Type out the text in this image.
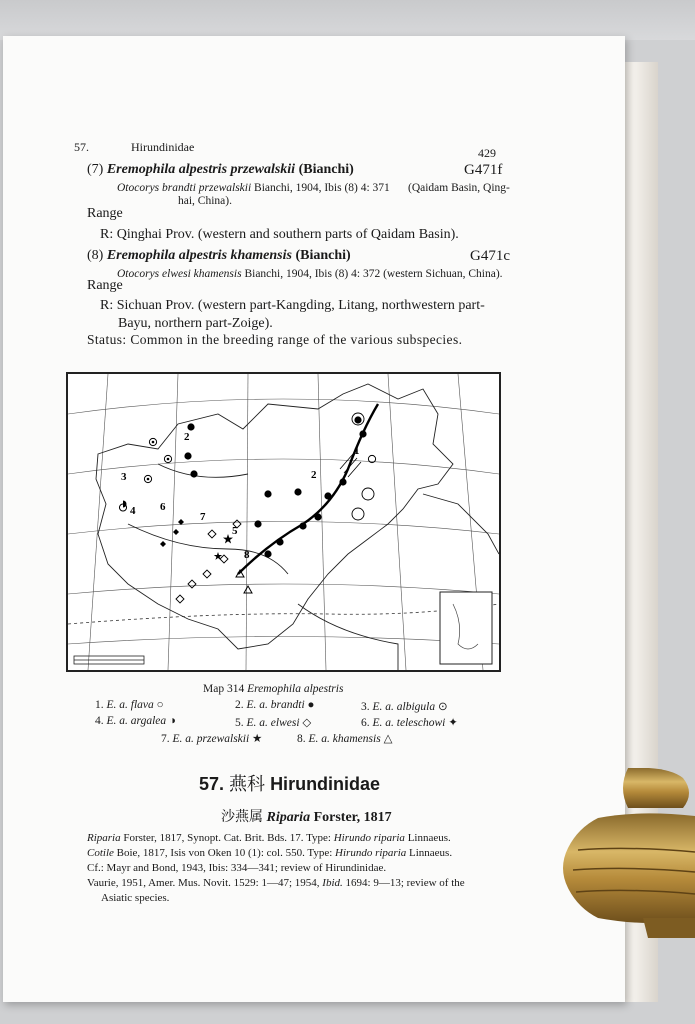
57.	Hirundinidae	429
(7) Eremophila alpestris przewalskii (Bianchi)	G471f
Otocorys brandti przewalskii Bianchi, 1904, Ibis (8) 4: 371 (Qaidam Basin, Qing-
hai, China).
Range
R: Qinghai Prov. (western and southern parts of Qaidam Basin).
(8) Eremophila alpestris khamensis (Bianchi)	G471c
Otocorys elwesi khamensis Bianchi, 1904, Ibis (8) 4: 372 (western Sichuan, China).
Range
R: Sichuan Prov. (western part-Kangding, Litang, northwestern part-
Bayu, northern part-Zoige).
Status: Common in the breeding range of the various subspecies.
2
3
4 6
7
5
8
2
1
Map 314 Eremophila alpestris
1. E. a. flava ○	2. E. a. brandti ●	3. E. a. albigula ⊙
4. E. a. argalea ◑	5. E. a. elwesi ◇	6. E. a. teleschowi ✦
7. E. a. przewalskii ★	8. E. a. khamensis △
57. 燕科 Hirundinidae
沙燕属 Riparia Forster, 1817
Riparia Forster, 1817, Synopt. Cat. Brit. Bds. 17. Type: Hirundo riparia Linnaeus.
Cotile Boie, 1817, Isis von Oken 10 (1): col. 550. Type: Hirundo riparia Linnaeus.
Cf.: Mayr and Bond, 1943, Ibis: 334—341; review of Hirundinidae.
Vaurie, 1951, Amer. Mus. Novit. 1529: 1—47; 1954, Ibid. 1694: 9—13; review of the
Asiatic species.
